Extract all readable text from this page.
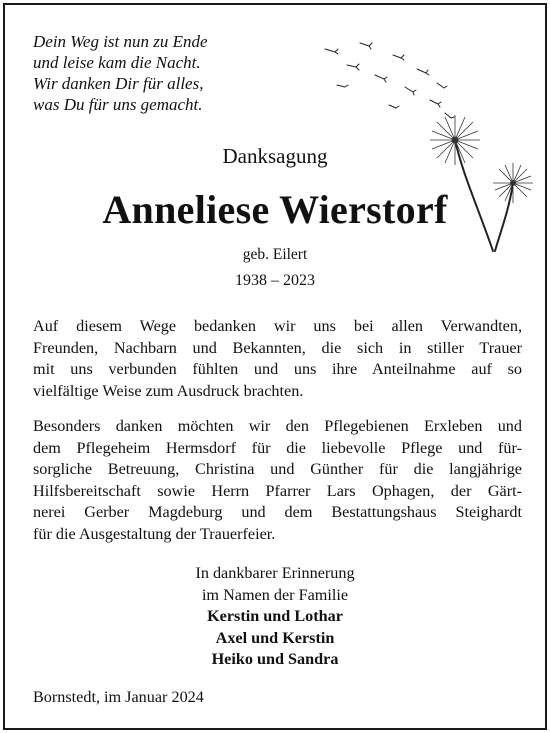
Dein Weg ist nun zu Ende
und leise kam die Nacht.
Wir danken Dir für alles,
was Du für uns gemacht.
Danksagung
Anneliese Wierstorf
geb. Eilert
1938 – 2023
Auf diesem Wege bedanken wir uns bei allen Verwandten,
Freunden, Nachbarn und Bekannten, die sich in stiller Trauer
mit uns verbunden fühlten und uns ihre Anteilnahme auf so
vielfältige Weise zum Ausdruck brachten.
Besonders danken möchten wir den Pflegebienen Erxleben und
dem Pflegeheim Hermsdorf für die liebevolle Pflege und für-
sorgliche Betreuung, Christina und Günther für die langjährige
Hilfsbereitschaft sowie Herrn Pfarrer Lars Ophagen, der Gärt-
nerei Gerber Magdeburg und dem Bestattungshaus Steighardt
für die Ausgestaltung der Trauerfeier.
In dankbarer Erinnerung
im Namen der Familie
Kerstin und Lothar
Axel und Kerstin
Heiko und Sandra
Bornstedt, im Januar 2024
